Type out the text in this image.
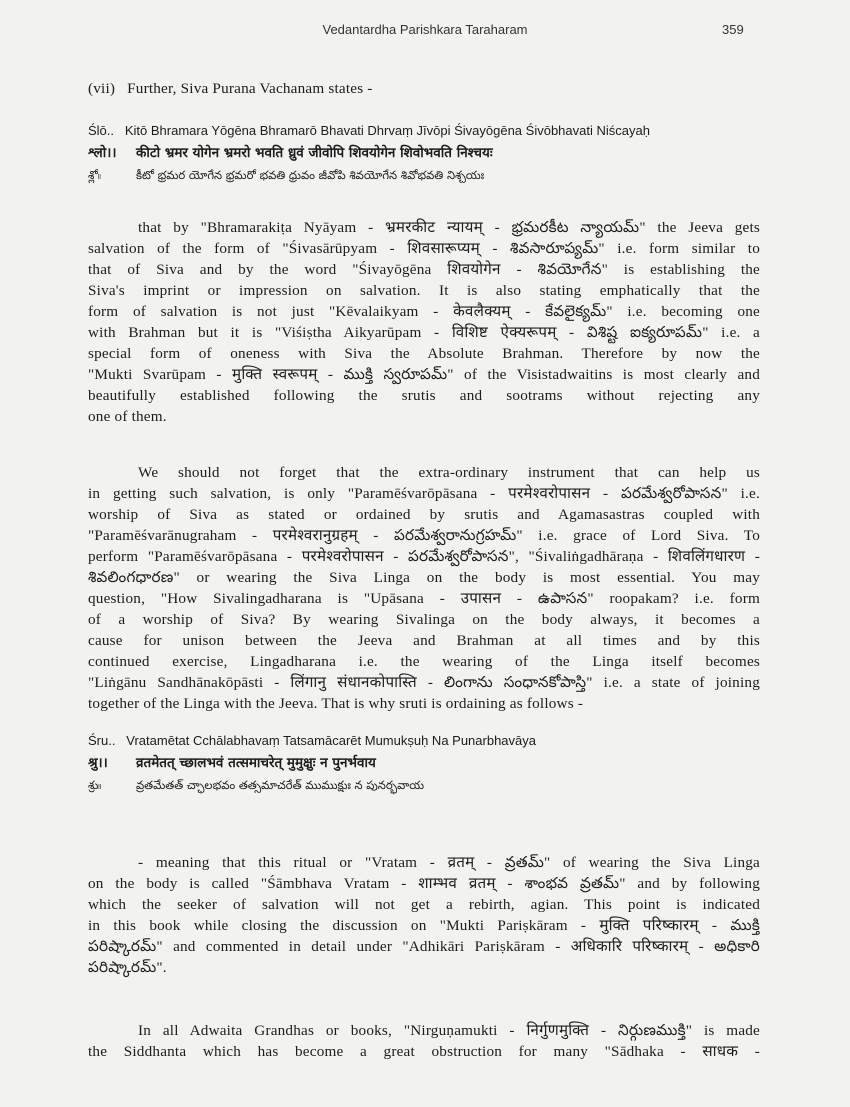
Vedantardha Parishkara Taraharam	359
(vii)   Further, Siva Purana Vachanam states -
Ślō..   Kitō Bhramara Yōgēna Bhramarō Bhavati Dhrvaṃ Jīvōpi Śivayōgēna Śivōbhavati Niścayaḥ
श्लो।। कीटो भ्रमर योगेन भ्रमरो भवति ध्रुवं जीवोपि शिवयोगेन शिवोभवति निश्चयः
శ్లో။	కీటో భ్రమర యోగేన భ్రమరో భవతి ధ్రువం జీవోపి శివయోగేన శివోభవతి నిశ్చయః
that by "Bhramarakiṭa Nyāyam - भ्रमरकीट न्यायम् - భ్రమరకీట న్యాయమ్" the Jeeva gets
salvation of the form of "Śivasārūpyam - शिवसारूप्यम् - శివసారూప్యమ్" i.e. form similar to
that of Siva and by the word "Śivayōgēna शिवयोगेन - శివయోగేన" is establishing the
Siva's imprint or impression on salvation. It is also stating emphatically that the
form of salvation is not just "Kēvalaikyam - केवलैक्यम् - కేవలైక్యమ్" i.e. becoming one
with Brahman but it is "Viśiṣtha Aikyarūpam - विशिष्ट ऐक्यरूपम् - విశిష్ట ఐక్యరూపమ్" i.e. a
special form of oneness with Siva the Absolute Brahman. Therefore by now the
"Mukti Svarūpam - मुक्ति स्वरूपम् - ముక్తి స్వరూపమ్" of the Visistadwaitins is most clearly and
beautifully established following the srutis and sootrams without rejecting any
one of them.
We should not forget that the extra-ordinary instrument that can help us
in getting such salvation, is only "Paramēśvarōpāsana - परमेश्वरोपासन - పరమేశ్వరోపాసన" i.e.
worship of Siva as stated or ordained by srutis and Agamasastras coupled with
"Paramēśvarānugraham - परमेश्वरानुग्रहम् - పరమేశ్వరానుగ్రహమ్" i.e. grace of Lord Siva. To
perform "Paramēśvarōpāsana - परमेश्वरोपासन - పరమేశ్వరోపాసన", "Śivaliṅgadhāraṇa - शिवलिंगधारण -
శివలింగధారణ" or wearing the Siva Linga on the body is most essential. You may
question, "How Sivalingadharana is "Upāsana - उपासन - ఉపాసన" roopakam? i.e. form
of a worship of Siva? By wearing Sivalinga on the body always, it becomes a
cause for unison between the Jeeva and Brahman at all times and by this
continued exercise, Lingadharana i.e. the wearing of the Linga itself becomes
"Liṅgānu Sandhānakōpāsti - लिंगानु संधानकोपास्ति - లింగాను సంధానకోపాస్తి" i.e. a state of joining
together of the Linga with the Jeeva. That is why sruti is ordaining as follows -
Śru..   Vratamētat Cchālabhavaṃ Tatsamācarēt Mumukṣuḥ Na Punarbhavāya
श्रु।। व्रतमेतत् च्छालभवं तत्समाचरेत् मुमुक्षुः न पुनर्भवाय
శ్రు။	వ్రతమేతత్ చ్ఛాలభవం తత్సమాచరేత్ ముముక్షుః న పునర్భవాయ
- meaning that this ritual or "Vratam - व्रतम् - వ్రతమ్" of wearing the Siva Linga
on the body is called "Śāmbhava Vratam - शाम्भव व्रतम् - శాంభవ వ్రతమ్" and by following
which the seeker of salvation will not get a rebirth, agian. This point is indicated
in this book while closing the discussion on "Mukti Pariṣkāram - मुक्ति परिष्कारम् - ముక్తి
పరిష్కారమ్" and commented in detail under "Adhikāri Pariṣkāram - अधिकारि परिष्कारम् - అధికారి
పరిష్కారమ్".
In all Adwaita Grandhas or books, "Nirguṇamukti - निर्गुणमुक्ति - నిర్గుణముక్తి" is made
the Siddhanta which has become a great obstruction for many "Sādhaka - साधक -
